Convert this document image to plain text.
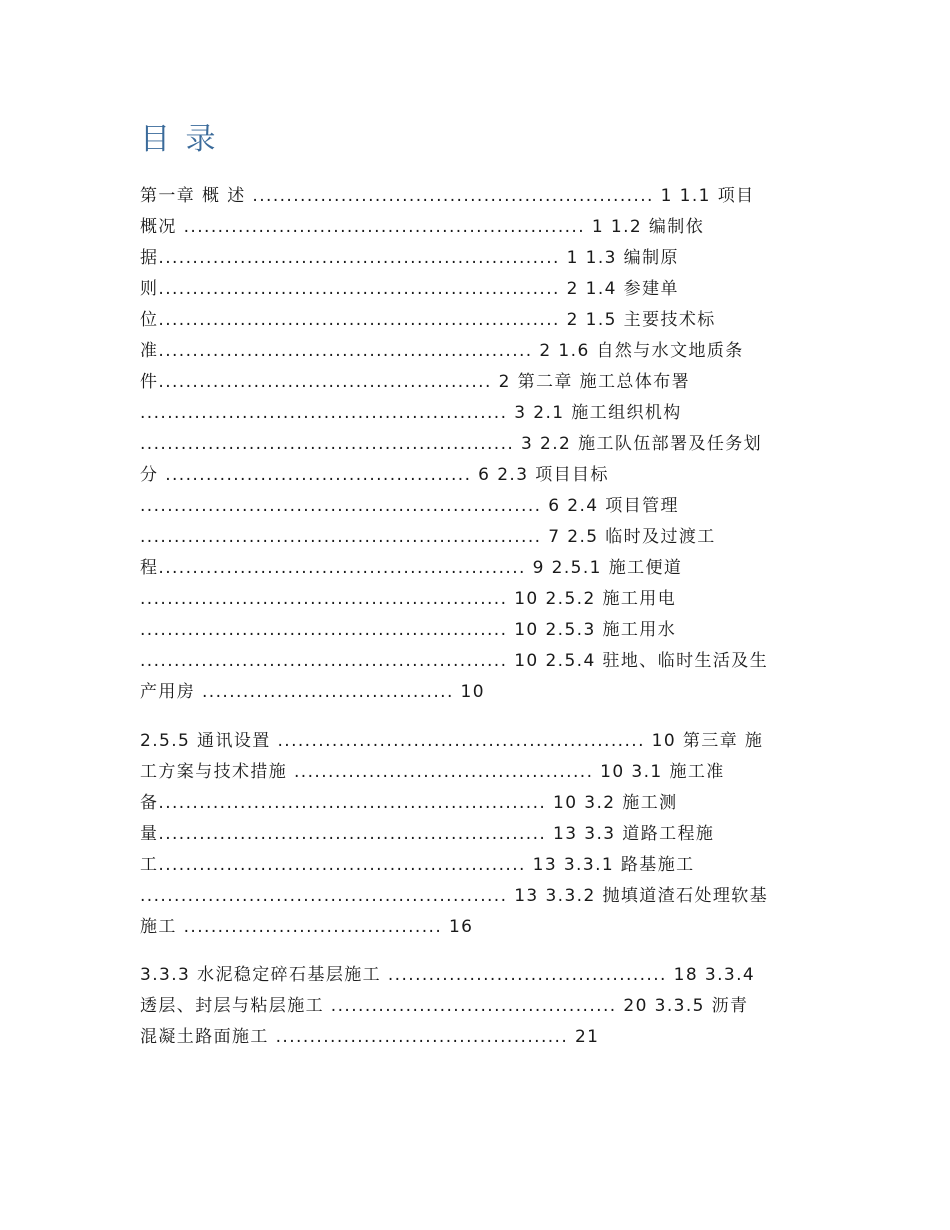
目 录
第一章 概 述 ........................................................... 1 1.1 项目
概况 ........................................................... 1 1.2 编制依
据........................................................... 1 1.3 编制原
则........................................................... 2 1.4 参建单
位........................................................... 2 1.5 主要技术标
准....................................................... 2 1.6 自然与水文地质条
件................................................. 2 第二章 施工总体布署
...................................................... 3 2.1 施工组织机构
....................................................... 3 2.2 施工队伍部署及任务划
分 ............................................. 6 2.3 项目目标
........................................................... 6 2.4 项目管理
........................................................... 7 2.5 临时及过渡工
程...................................................... 9 2.5.1 施工便道
...................................................... 10 2.5.2 施工用电
...................................................... 10 2.5.3 施工用水
...................................................... 10 2.5.4 驻地、临时生活及生
产用房 ..................................... 10
2.5.5 通讯设置 ...................................................... 10 第三章 施
工方案与技术措施 ............................................ 10 3.1 施工准
备......................................................... 10 3.2 施工测
量......................................................... 13 3.3 道路工程施
工...................................................... 13 3.3.1 路基施工
...................................................... 13 3.3.2 抛填道渣石处理软基
施工 ...................................... 16
3.3.3 水泥稳定碎石基层施工 ......................................... 18 3.3.4
透层、封层与粘层施工 .......................................... 20 3.3.5 沥青
混凝土路面施工 ........................................... 21
